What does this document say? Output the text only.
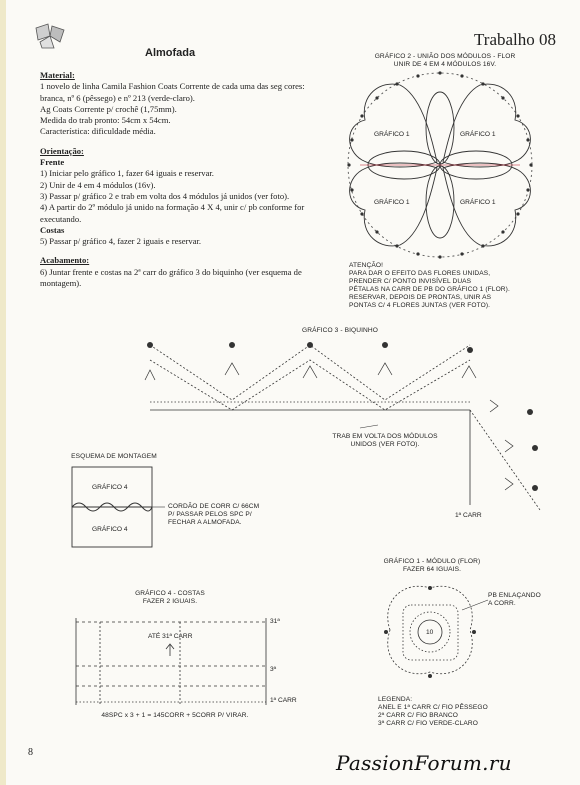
Trabalho 08
Almofada

Material:

1 novelo de linha Camila Fashion Coats Corrente de cada uma das seg cores: branca, nº 6 (pêssego) e nº 213 (verde-claro).

Ag Coats Corrente p/ crochê (1,75mm).

Medida do trab pronto: 54cm x 54cm.

Característica: dificuldade média.

Orientação:

Frente

1) Iniciar pelo gráfico 1, fazer 64 iguais e reservar.

2) Unir de 4 em 4 módulos (16v).

3) Passar p/ gráfico 2 e trab em volta dos 4 módulos já unidos (ver foto).

4) A partir do 2º módulo já unido na formação 4 X 4, unir c/ pb conforme for executando.

Costas

5) Passar p/ gráfico 4, fazer 2 iguais e reservar.

Acabamento:

6) Juntar frente e costas na 2ª carr do gráfico 3 do biquinho (ver esquema de montagem).

GRÁFICO 2 - UNIÃO DOS MÓDULOS - FLOR
UNIR DE 4 EM 4 MÓDULOS 16V.
GRÁFICO 1	GRÁFICO 1
GRÁFICO 1	GRÁFICO 1
ATENÇÃO!
PARA DAR O EFEITO DAS FLORES UNIDAS,
PRENDER C/ PONTO INVISÍVEL DUAS
PÉTALAS NA CARR DE PB DO GRÁFICO 1 (FLOR).
RESERVAR, DEPOIS DE PRONTAS, UNIR AS
PONTAS C/ 4 FLORES JUNTAS (VER FOTO).
GRÁFICO 3 - BIQUINHO
TRAB EM VOLTA DOS MÓDULOS
UNIDOS (VER FOTO).
1ª CARR
ESQUEMA DE MONTAGEM
GRÁFICO 4
GRÁFICO 4
CORDÃO DE CORR C/ 66CM
P/ PASSAR PELOS SPC P/
FECHAR A ALMOFADA.
GRÁFICO 4 - COSTAS
FAZER 2 IGUAIS.
ATÉ 31ª CARR
31ª
3ª
1ª CARR
48SPC x 3 + 1 = 145CORR + 5CORR P/ VIRAR.
GRÁFICO 1 - MÓDULO (FLOR)
FAZER 64 IGUAIS.
10
PB ENLAÇANDO
A CORR.
LEGENDA:
ANEL E 1ª CARR C/ FIO PÊSSEGO
2ª CARR C/ FIO BRANCO
3ª CARR C/ FIO VERDE-CLARO
8	PassionForum.ru
